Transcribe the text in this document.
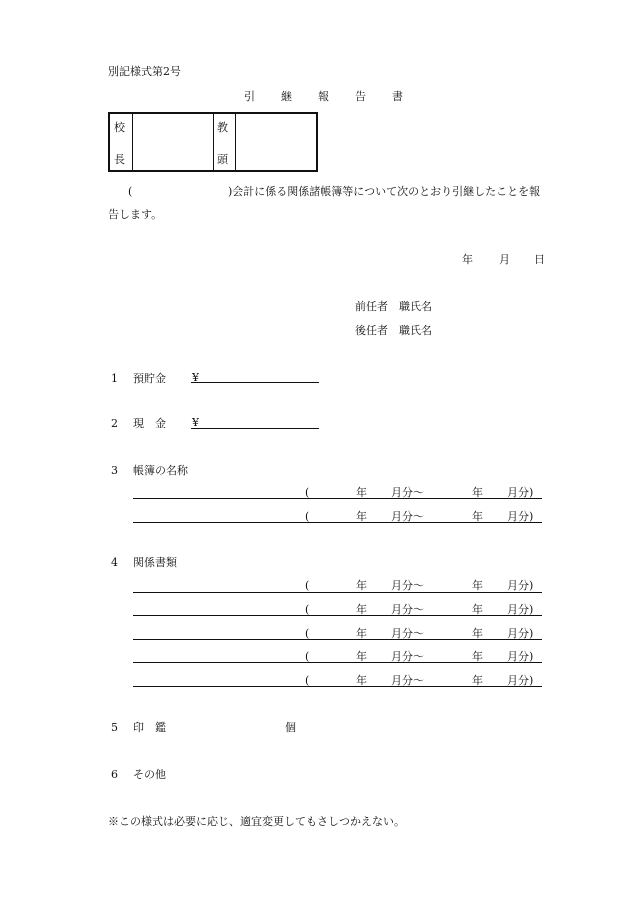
別記様式第2号
引 継 報 告 書
校
長
教
頭
(	)会計に係る関係諸帳簿等について次のとおり引継したことを報
告します。
年 月 日
前任者　職氏名
後任者　職氏名
1 預貯金 ¥
2 現　金 ¥
3 帳簿の名称
(	年 月分〜	年 月分)
(	年 月分〜	年 月分)
4 関係書類
(	年 月分〜	年 月分)
(	年 月分〜	年 月分)
(	年 月分〜	年 月分)
(	年 月分〜	年 月分)
(	年 月分〜	年 月分)
5 印　鑑	個
6 その他
※この様式は必要に応じ、適宜変更してもさしつかえない。
